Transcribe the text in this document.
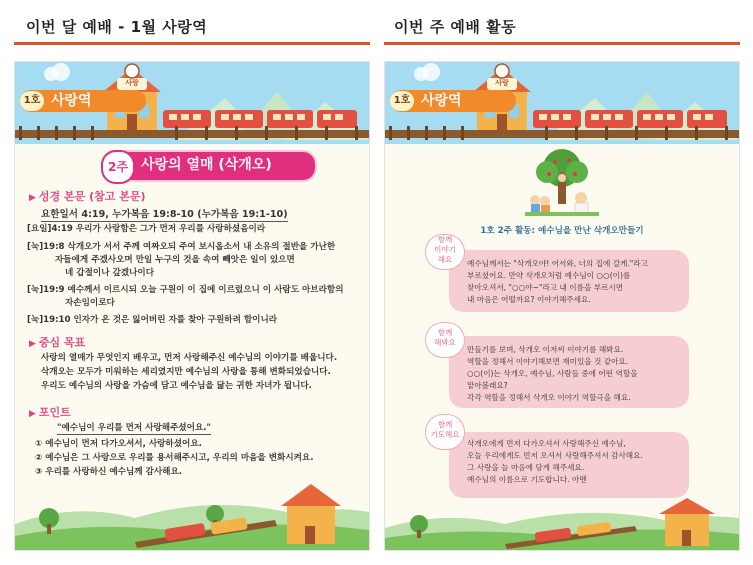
이번 달 예배 - 1월 사랑역	이번 주 예배 활동
1호 사랑역
사랑
2주 사랑의 열매 (삭개오)
▶ 성경 본문 (참고 본문)
요한일서 4:19, 누가복음 19:8-10 (누가복음 19:1-10)
[요일]4:19 우리가 사랑함은 그가 먼저 우리를 사랑하셨음이라
[눅]19:8 삭개오가 서서 주께 여짜오되 주여 보시옵소서 내 소유의 절반을 가난한
자들에게 주겠사오며 만일 누구의 것을 속여 빼앗은 일이 있으면
네 갑절이나 갚겠나이다
[눅]19:9 예수께서 이르시되 오늘 구원이 이 집에 이르렀으니 이 사람도 아브라함의
자손임이로다
[눅]19:10 인자가 온 것은 잃어버린 자를 찾아 구원하려 함이니라
▶ 중심 목표
사랑의 열매가 무엇인지 배우고, 먼저 사랑해주신 예수님의 이야기를 배웁니다.
삭개오는 모두가 미워하는 세리였지만 예수님의 사랑을 통해 변화되었습니다.
우리도 예수님의 사랑을 가슴에 담고 예수님을 닮는 귀한 자녀가 됩니다.
▶ 포인트
"예수님이 우리를 먼저 사랑해주셨어요."
① 예수님이 먼저 다가오셔서, 사랑하셨어요.
② 예수님은 그 사랑으로 우리를 용서해주시고, 우리의 마음을 변화시켜요.
③ 우리를 사랑하신 예수님께 감사해요.
1호 사랑역
사랑
1호 2주 활동: 예수님을 만난 삭개오만들기
함께
이야기
해요	예수님께서는 "삭개오야! 어서와, 너의 집에 갈게."라고
부르셨어요. 만약 삭개오처럼 예수님이 ○○(이)를
찾아오셔서, "○○야~"라고 내 이름을 부르시면
내 마음은 어떨까요? 이야기해주세요.
함께
해봐요
만들기를 보며, 삭개오 이저씨 이야기를 해봐요.
역할을 정해서 이야기해보면 재미있을 것 같아요.
○○(이)는 삭개오, 예수님, 사람들 중에 어떤 역할을
맡아볼래요?
각각 역할을 정해서 삭개오 이야기 역할극을 해요.
함께
기도해요
삭개오에게 먼저 다가오셔서 사랑해주신 예수님,
오늘 우리에게도 먼저 오셔서 사랑해주셔서 감사해요.
그 사랑을 늘 마음에 담게 해주세요.
예수님의 이름으로 기도합니다. 아멘
